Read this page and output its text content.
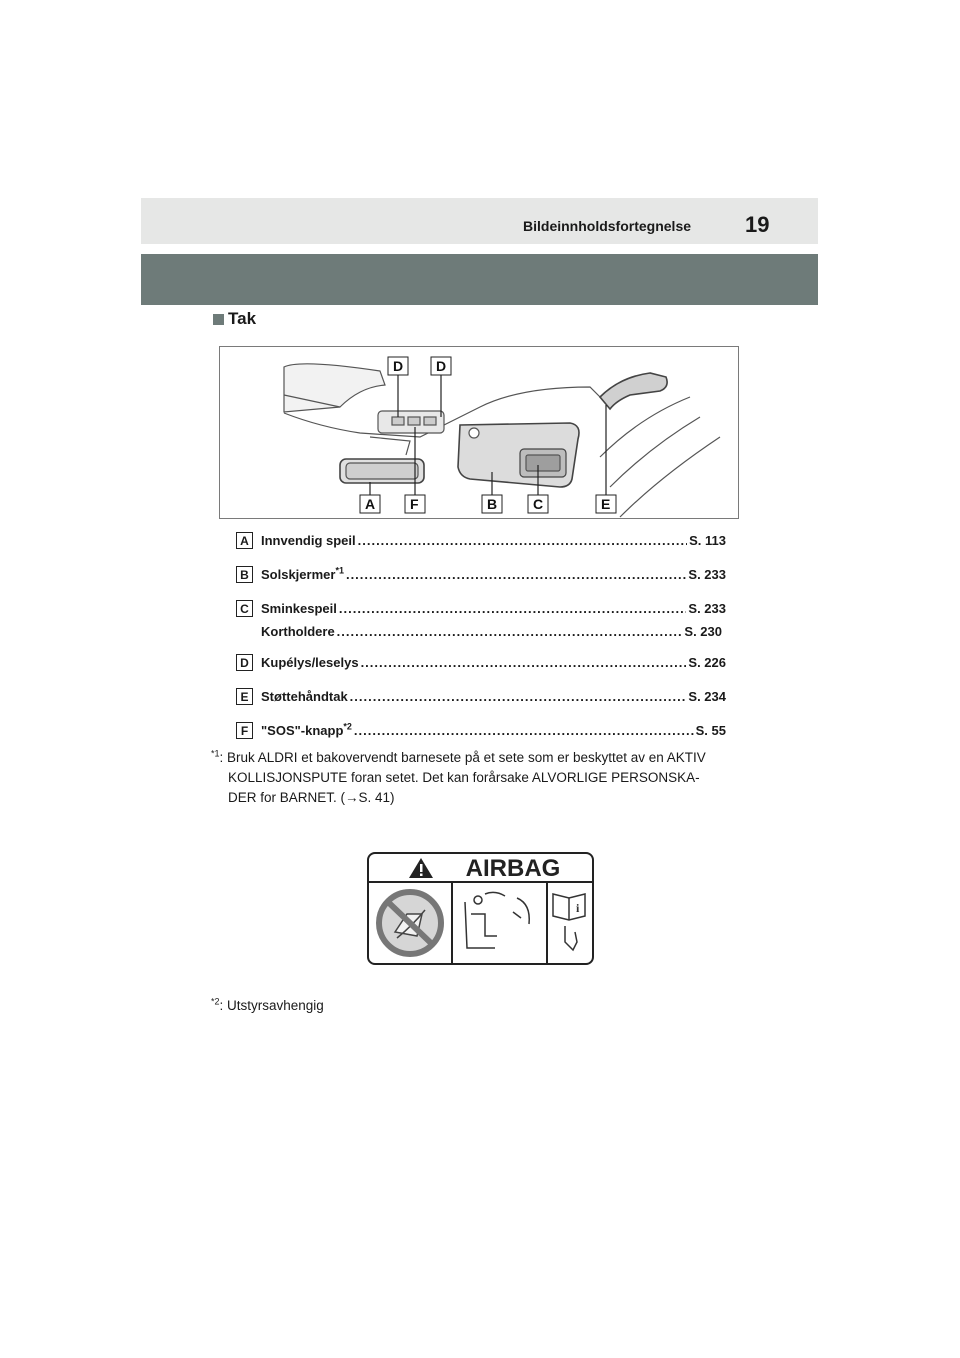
Bildeinnholdsfortegnelse 19
Tak
D D
A F	B	C	E
A Innvendig speil .....	S. 113
B Solskjermer$^{*1}$ .....	S. 233
C Sminkespeil .....	S. 233
Kortholdere .....	S. 230
D Kupélys/leselys .....	S. 226
E Støttehåndtak .....	S. 234
F "SOS"-knapp$^{*2}$ .....	S. 55
$^{*1}$: Bruk ALDRI et bakovervendt barnesete på et sete som er beskyttet av en AKTIV
KOLLISJONSPUTE foran setet. Det kan forårsake ALVORLIGE PERSONSKA-
DER for BARNET. (→S. 41)
AIRBAG
i
$^{*2}$: Utstyrsavhengig
